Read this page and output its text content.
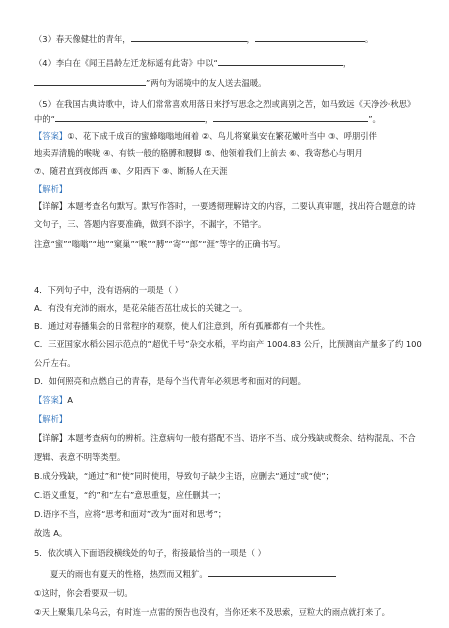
（3）春天像健壮的青年，	，	。
（4）李白在《闻王昌龄左迁龙标遥有此寄》中以“	，
”两句为谣境中的友人送去温暖。
（5）在我国古典诗歌中，诗人们常常喜欢用落日来抒写思念之烈或离别之苦，如马致远《天净沙·秋思》
中的“	，	”。
【答案】①、花下成千成百的蜜蜂嗡嗡地闹着 ②、鸟儿将窠巢安在繁花嫩叶当中 ③、呼朋引伴
地卖弄清脆的喉咙 ④、有铁一般的胳膊和腰脚 ⑤、他领着我们上前去 ⑥、我寄愁心与明月
⑦、随君直到夜郎西 ⑧、夕阳西下 ⑨、断肠人在天涯
【解析】
【详解】本题考查名句默写。默写作答时，一要透彻理解诗文的内容，二要认真审题，找出符合题意的诗
文句子，三、答题内容要准确，做到不添字，不漏字，不错字。
注意“蜜”“嗡嗡”“地”“窠巢”“喉”“膊”“寄”“郎”“涯”等字的正确书写。
4．下列句子中，没有语病的一项是（ ）
A．有没有充沛的雨水，是花朵能否茁壮成长的关键之一。
B．通过对春播集会的日常程序的观察，使人们注意到，所有孤雁都有一个共性。
C．三亚国家水稻公园示范点的“超优千号”杂交水稻，平均亩产 1004.83 公斤，比预测亩产量多了约 100
公斤左右。
D．如何照亮和点燃自己的青春，是每个当代青年必须思考和面对的问题。
【答案】A
【解析】
【详解】本题考查病句的辨析。注意病句一般有搭配不当、语序不当、成分残缺或赘余、结构混乱、不合
逻辑、表意不明等类型。
B.成分残缺，“通过”和“使”同时使用，导致句子缺少主语，应删去“通过”或“使”；
C.语义重复，“约”和“左右”意思重复，应任删其一；
D.语序不当，应将“思考和面对”改为“面对和思考”；
故选 A。
5．依次填入下面语段横线处的句子，衔接最恰当的一项是（ ）
夏天的雨也有夏天的性格，热烈而又粗犷。
①这时，你会看要双一切。
②天上聚集几朵乌云，有时连一点雷的预告也没有，当你还来不及思索，豆粒大的雨点就打来了。
